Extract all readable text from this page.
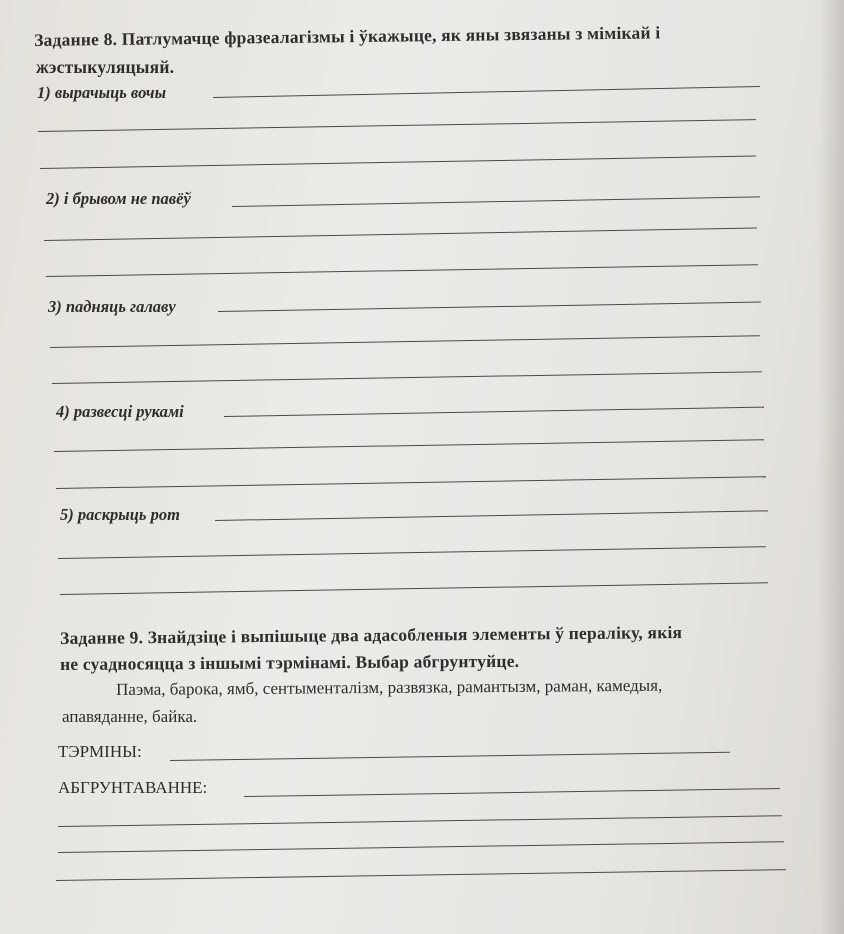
Заданне 8. Патлумачце фразеалагізмы і ўкажыце, як яны звязаны з мімікай і
жэстыкуляцыяй.
1) вырачыць вочы
2) і брывом не павёў
3) падняць галаву
4) развесці рукамі
5) раскрыць рот
Заданне 9. Знайдзіце і выпішыце два адасобленыя элементы ў пераліку, якія
не суадносяцца з іншымі тэрмінамі. Выбар абгрунтуйце.
Паэма, барока, ямб, сентыменталізм, развязка, рамантызм, раман, камедыя,
апавяданне, байка.
ТЭРМІНЫ:
АБГРУНТАВАННЕ:
